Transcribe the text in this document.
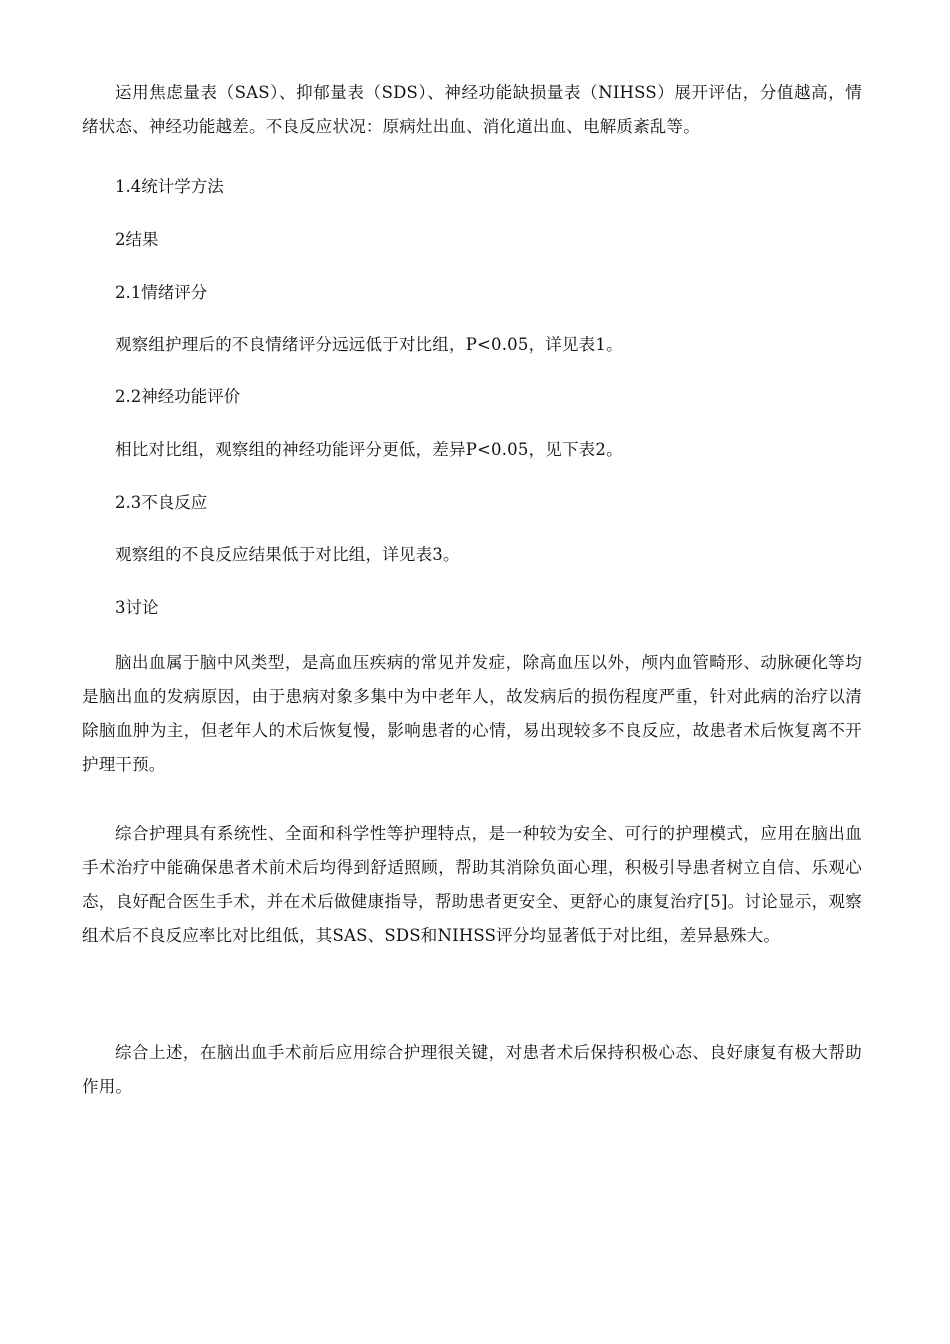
运用焦虑量表（SAS）、抑郁量表（SDS）、神经功能缺损量表（NIHSS）展开评估，分值越高，情绪状态、神经功能越差。不良反应状况：原病灶出血、消化道出血、电解质紊乱等。

1.4统计学方法

2结果

2.1情绪评分

观察组护理后的不良情绪评分远远低于对比组，P<0.05，详见表1。

2.2神经功能评价

相比对比组，观察组的神经功能评分更低，差异P<0.05，见下表2。

2.3不良反应

观察组的不良反应结果低于对比组，详见表3。

3讨论

脑出血属于脑中风类型，是高血压疾病的常见并发症，除高血压以外，颅内血管畸形、动脉硬化等均是脑出血的发病原因，由于患病对象多集中为中老年人，故发病后的损伤程度严重，针对此病的治疗以清除脑血肿为主，但老年人的术后恢复慢，影响患者的心情，易出现较多不良反应，故患者术后恢复离不开护理干预。

综合护理具有系统性、全面和科学性等护理特点，是一种较为安全、可行的护理模式，应用在脑出血手术治疗中能确保患者术前术后均得到舒适照顾，帮助其消除负面心理，积极引导患者树立自信、乐观心态，良好配合医生手术，并在术后做健康指导，帮助患者更安全、更舒心的康复治疗[5]。讨论显示，观察组术后不良反应率比对比组低，其SAS、SDS和NIHSS评分均显著低于对比组，差异悬殊大。

综合上述，在脑出血手术前后应用综合护理很关键，对患者术后保持积极心态、良好康复有极大帮助作用。
